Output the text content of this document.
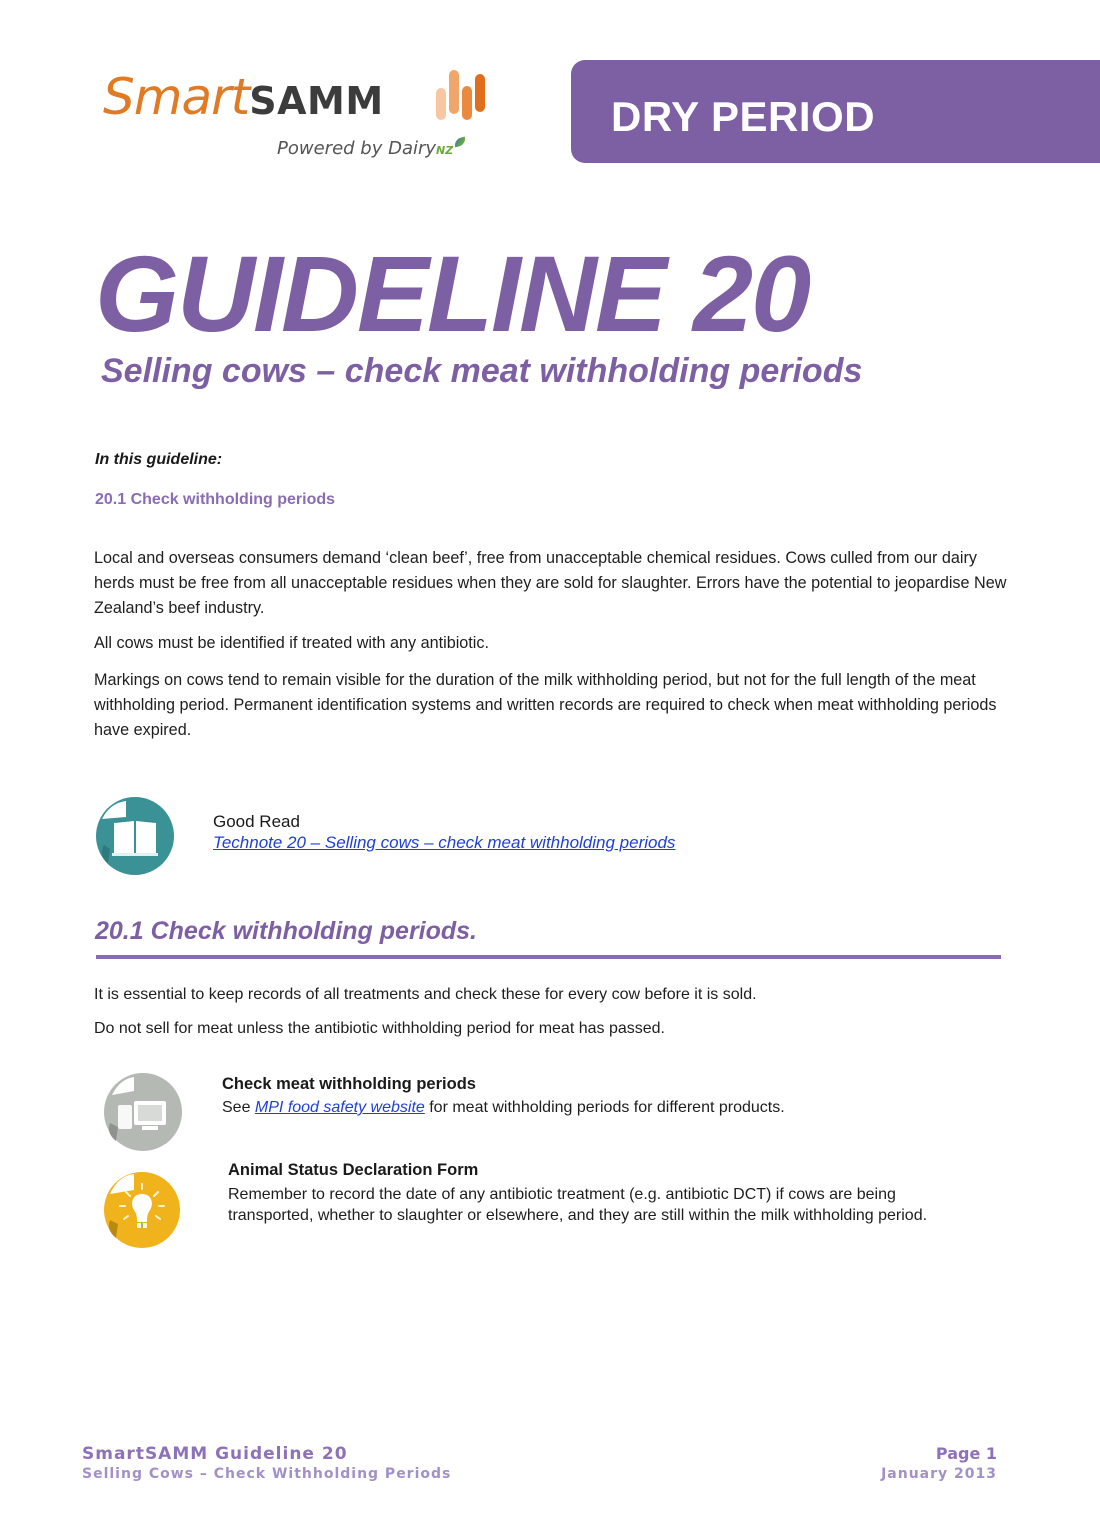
SmartSAMM
Powered by DairyNZ
DRY PERIOD
GUIDELINE 20
Selling cows – check meat withholding periods
In this guideline:
20.1 Check withholding periods

Local and overseas consumers demand ‘clean beef’, free from unacceptable chemical residues. Cows culled from our dairy herds must be free from all unacceptable residues when they are sold for slaughter. Errors have the potential to jeopardise New Zealand’s beef industry.

All cows must be identified if treated with any antibiotic.

Markings on cows tend to remain visible for the duration of the milk withholding period, but not for the full length of the meat withholding period. Permanent identification systems and written records are required to check when meat withholding periods have expired.

Good Read
Technote 20 – Selling cows – check meat withholding periods
20.1 Check withholding periods.

It is essential to keep records of all treatments and check these for every cow before it is sold.

Do not sell for meat unless the antibiotic withholding period for meat has passed.

Check meat withholding periods
See MPI food safety website for meat withholding periods for different products.
Animal Status Declaration Form
Remember to record the date of any antibiotic treatment (e.g. antibiotic DCT) if cows are being transported, whether to slaughter or elsewhere, and they are still within the milk withholding period.
SmartSAMM Guideline 20
Selling Cows – Check Withholding Periods
Page 1
January 2013
